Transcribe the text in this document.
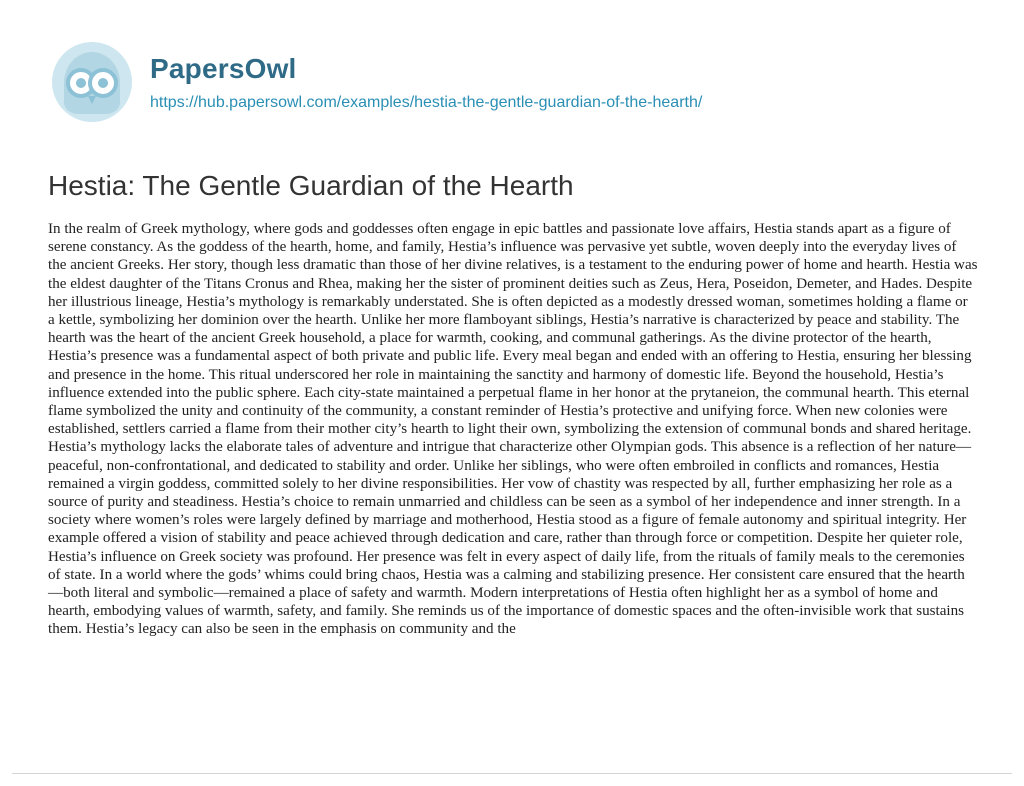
PapersOwl
https://hub.papersowl.com/examples/hestia-the-gentle-guardian-of-the-hearth/
Hestia: The Gentle Guardian of the Hearth

In the realm of Greek mythology, where gods and goddesses often engage in epic battles and passionate love affairs, Hestia stands apart as a figure of serene constancy. As the goddess of the hearth, home, and family, Hestia’s influence was pervasive yet subtle, woven deeply into the everyday lives of the ancient Greeks. Her story, though less dramatic than those of her divine relatives, is a testament to the enduring power of home and hearth. Hestia was the eldest daughter of the Titans Cronus and Rhea, making her the sister of prominent deities such as Zeus, Hera, Poseidon, Demeter, and Hades. Despite her illustrious lineage, Hestia’s mythology is remarkably understated. She is often depicted as a modestly dressed woman, sometimes holding a flame or a kettle, symbolizing her dominion over the hearth. Unlike her more flamboyant siblings, Hestia’s narrative is characterized by peace and stability. The hearth was the heart of the ancient Greek household, a place for warmth, cooking, and communal gatherings. As the divine protector of the hearth, Hestia’s presence was a fundamental aspect of both private and public life. Every meal began and ended with an offering to Hestia, ensuring her blessing and presence in the home. This ritual underscored her role in maintaining the sanctity and harmony of domestic life. Beyond the household, Hestia’s influence extended into the public sphere. Each city-state maintained a perpetual flame in her honor at the prytaneion, the communal hearth. This eternal flame symbolized the unity and continuity of the community, a constant reminder of Hestia’s protective and unifying force. When new colonies were established, settlers carried a flame from their mother city’s hearth to light their own, symbolizing the extension of communal bonds and shared heritage. Hestia’s mythology lacks the elaborate tales of adventure and intrigue that characterize other Olympian gods. This absence is a reflection of her nature—peaceful, non-confrontational, and dedicated to stability and order. Unlike her siblings, who were often embroiled in conflicts and romances, Hestia remained a virgin goddess, committed solely to her divine responsibilities. Her vow of chastity was respected by all, further emphasizing her role as a source of purity and steadiness. Hestia’s choice to remain unmarried and childless can be seen as a symbol of her independence and inner strength. In a society where women’s roles were largely defined by marriage and motherhood, Hestia stood as a figure of female autonomy and spiritual integrity. Her example offered a vision of stability and peace achieved through dedication and care, rather than through force or competition. Despite her quieter role, Hestia’s influence on Greek society was profound. Her presence was felt in every aspect of daily life, from the rituals of family meals to the ceremonies of state. In a world where the gods’ whims could bring chaos, Hestia was a calming and stabilizing presence. Her consistent care ensured that the hearth—both literal and symbolic—remained a place of safety and warmth. Modern interpretations of Hestia often highlight her as a symbol of home and hearth, embodying values of warmth, safety, and family. She reminds us of the importance of domestic spaces and the often-invisible work that sustains them. Hestia’s legacy can also be seen in the emphasis on community and the
